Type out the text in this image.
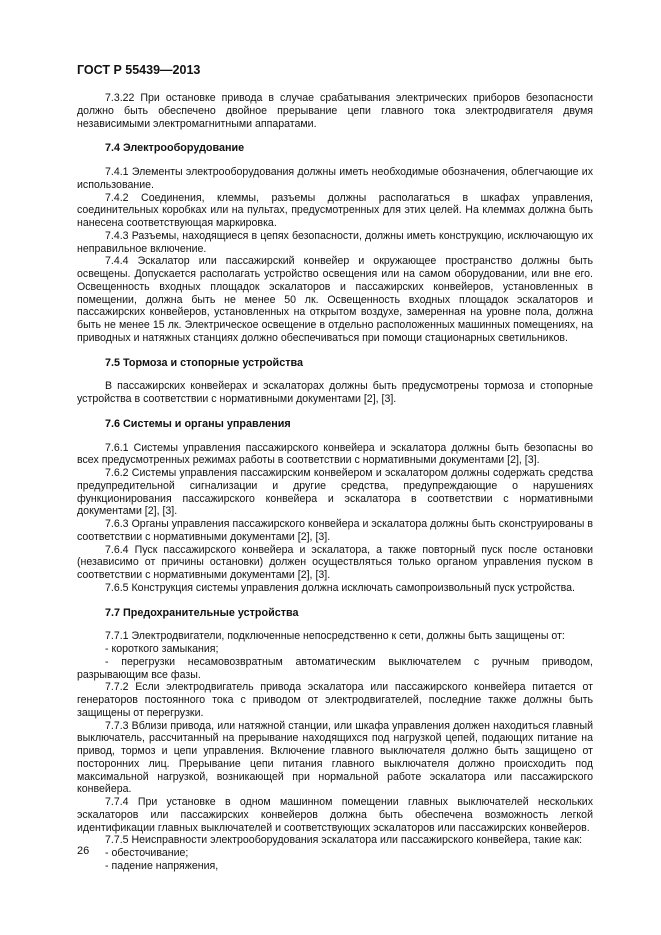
ГОСТ Р 55439—2013

7.3.22 При остановке привода в случае срабатывания электрических приборов безопасности должно быть обеспечено двойное прерывание цепи главного тока электродвигателя двумя независимыми электромагнитными аппаратами.

7.4 Электрооборудование

7.4.1 Элементы электрооборудования должны иметь необходимые обозначения, облегчающие их использование.

7.4.2 Соединения, клеммы, разъемы должны располагаться в шкафах управления, соединительных коробках или на пультах, предусмотренных для этих целей. На клеммах должна быть нанесена соответствующая маркировка.

7.4.3 Разъемы, находящиеся в цепях безопасности, должны иметь конструкцию, исключающую их неправильное включение.

7.4.4 Эскалатор или пассажирский конвейер и окружающее пространство должны быть освещены. Допускается располагать устройство освещения или на самом оборудовании, или вне его. Освещенность входных площадок эскалаторов и пассажирских конвейеров, установленных в помещении, должна быть не менее 50 лк. Освещенность входных площадок эскалаторов и пассажирских конвейеров, установленных на открытом воздухе, замеренная на уровне пола, должна быть не менее 15 лк. Электрическое освещение в отдельно расположенных машинных помещениях, на приводных и натяжных станциях должно обеспечиваться при помощи стационарных светильников.

7.5 Тормоза и стопорные устройства

В пассажирских конвейерах и эскалаторах должны быть предусмотрены тормоза и стопорные устройства в соответствии с нормативными документами [2], [3].

7.6 Системы и органы управления

7.6.1 Системы управления пассажирского конвейера и эскалатора должны быть безопасны во всех предусмотренных режимах работы в соответствии с нормативными документами [2], [3].

7.6.2 Системы управления пассажирским конвейером и эскалатором должны содержать средства предупредительной сигнализации и другие средства, предупреждающие о нарушениях функционирования пассажирского конвейера и эскалатора в соответствии с нормативными документами [2], [3].

7.6.3 Органы управления пассажирского конвейера и эскалатора должны быть сконструированы в соответствии с нормативными документами [2], [3].

7.6.4 Пуск пассажирского конвейера и эскалатора, а также повторный пуск после остановки (независимо от причины остановки) должен осуществляться только органом управления пуском в соответствии с нормативными документами [2], [3].

7.6.5 Конструкция системы управления должна исключать самопроизвольный пуск устройства.

7.7 Предохранительные устройства

7.7.1 Электродвигатели, подключенные непосредственно к сети, должны быть защищены от:

- короткого замыкания;

- перегрузки несамовозвратным автоматическим выключателем с ручным приводом, разрывающим все фазы.

7.7.2 Если электродвигатель привода эскалатора или пассажирского конвейера питается от генераторов постоянного тока с приводом от электродвигателей, последние также должны быть защищены от перегрузки.

7.7.3 Вблизи привода, или натяжной станции, или шкафа управления должен находиться главный выключатель, рассчитанный на прерывание находящихся под нагрузкой цепей, подающих питание на привод, тормоз и цепи управления. Включение главного выключателя должно быть защищено от посторонних лиц. Прерывание цепи питания главного выключателя должно происходить под максимальной нагрузкой, возникающей при нормальной работе эскалатора или пассажирского конвейера.

7.7.4 При установке в одном машинном помещении главных выключателей нескольких эскалаторов или пассажирских конвейеров должна быть обеспечена возможность легкой идентификации главных выключателей и соответствующих эскалаторов или пассажирских конвейеров.

7.7.5 Неисправности электрооборудования эскалатора или пассажирского конвейера, такие как:

- обесточивание;

- падение напряжения,

26
